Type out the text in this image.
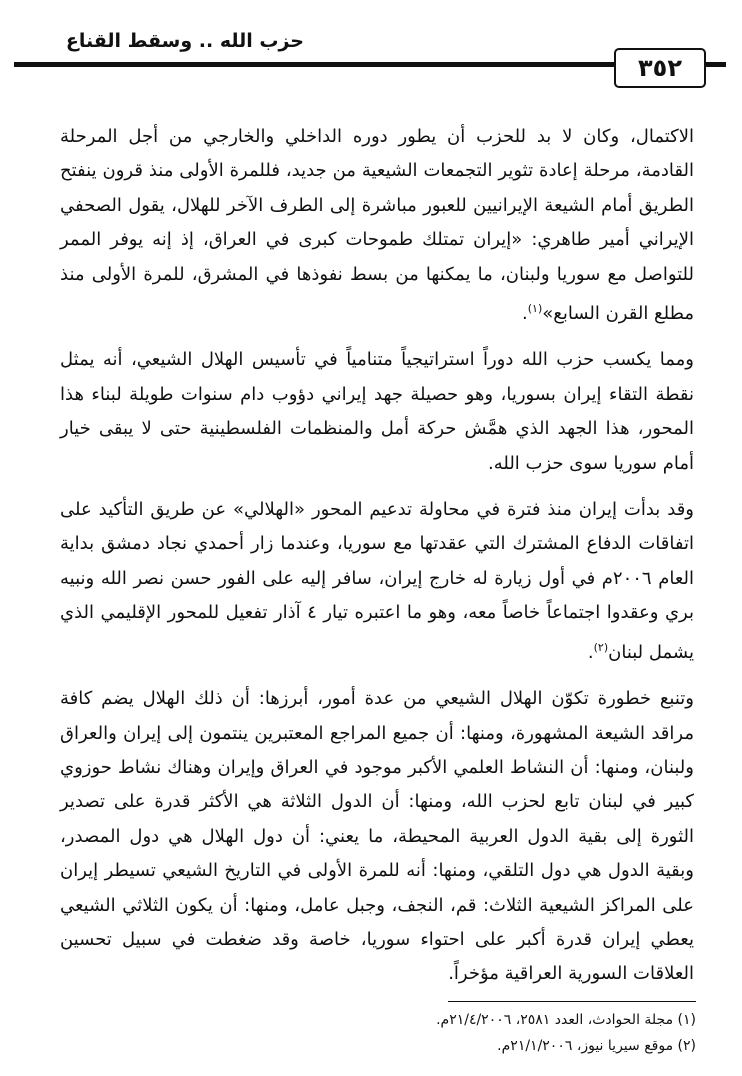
حزب الله .. وسقط القناع
٣٥٢

الاكتمال، وكان لا بد للحزب أن يطور دوره الداخلي والخارجي من أجل المرحلة القادمة، مرحلة إعادة تثوير التجمعات الشيعية من جديد، فللمرة الأولى منذ قرون ينفتح الطريق أمام الشيعة الإيرانيين للعبور مباشرة إلى الطرف الآخر للهلال، يقول الصحفي الإيراني أمير طاهري: «إيران تمتلك طموحات كبرى في العراق، إذ إنه يوفر الممر للتواصل مع سوريا ولبنان، ما يمكنها من بسط نفوذها في المشرق، للمرة الأولى منذ مطلع القرن السابع»$^{(١)}$.

ومما يكسب حزب الله دوراً استراتيجياً متنامياً في تأسيس الهلال الشيعي، أنه يمثل نقطة التقاء إيران بسوريا، وهو حصيلة جهد إيراني دؤوب دام سنوات طويلة لبناء هذا المحور، هذا الجهد الذي همَّش حركة أمل والمنظمات الفلسطينية حتى لا يبقى خيار أمام سوريا سوى حزب الله.

وقد بدأت إيران منذ فترة في محاولة تدعيم المحور «الهلالي» عن طريق التأكيد على اتفاقات الدفاع المشترك التي عقدتها مع سوريا، وعندما زار أحمدي نجاد دمشق بداية العام ٢٠٠٦م في أول زيارة له خارج إيران، سافر إليه على الفور حسن نصر الله ونبيه بري وعقدوا اجتماعاً خاصاً معه، وهو ما اعتبره تيار ٤ آذار تفعيل للمحور الإقليمي الذي يشمل لبنان$^{(٢)}$.

وتنبع خطورة تكوّن الهلال الشيعي من عدة أمور، أبرزها: أن ذلك الهلال يضم كافة مراقد الشيعة المشهورة، ومنها: أن جميع المراجع المعتبرين ينتمون إلى إيران والعراق ولبنان، ومنها: أن النشاط العلمي الأكبر موجود في العراق وإيران وهناك نشاط حوزوي كبير في لبنان تابع لحزب الله، ومنها: أن الدول الثلاثة هي الأكثر قدرة على تصدير الثورة إلى بقية الدول العربية المحيطة، ما يعني: أن دول الهلال هي دول المصدر، وبقية الدول هي دول التلقي، ومنها: أنه للمرة الأولى في التاريخ الشيعي تسيطر إيران على المراكز الشيعية الثلاث: قم، النجف، وجبل عامل، ومنها: أن يكون الثلاثي الشيعي يعطي إيران قدرة أكبر على احتواء سوريا، خاصة وقد ضغطت في سبيل تحسين العلاقات السورية العراقية مؤخراً.

(١) مجلة الحوادث، العدد ٢٥٨١، ٢١/٤/٢٠٠٦م.

(٢) موقع سيريا نيوز، ٢١/١/٢٠٠٦م.
